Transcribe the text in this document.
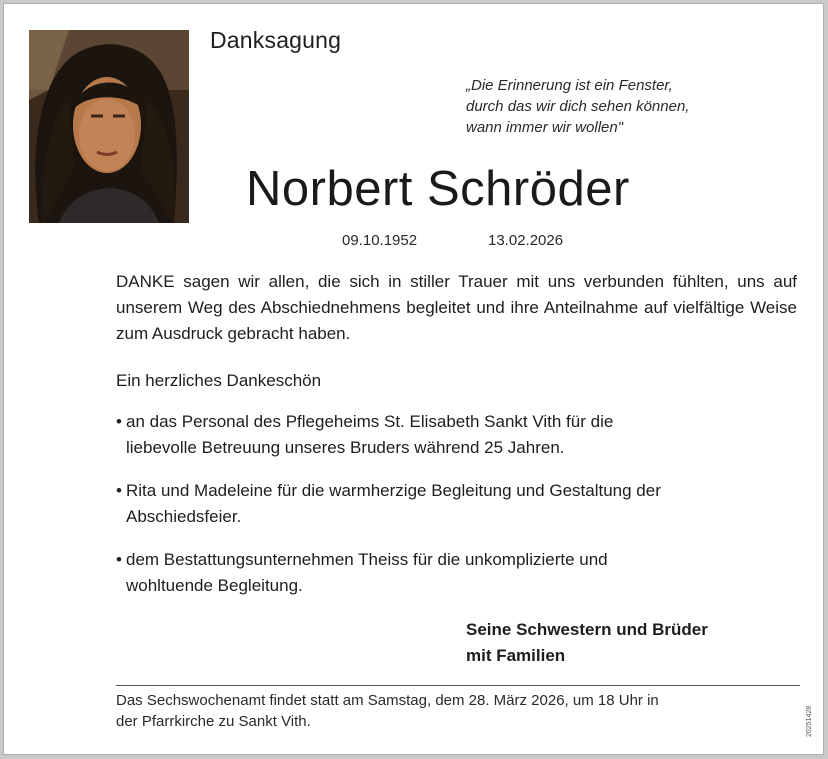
Danksagung
„Die Erinnerung ist ein Fenster,
durch das wir dich sehen können,
wann immer wir wollen"
Norbert Schröder
09.10.1952	13.02.2026
DANKE sagen wir allen, die sich in stiller Trauer mit uns verbunden fühlten, uns auf unserem Weg des Abschiednehmens begleitet und ihre Anteilnahme auf vielfältige Weise zum Ausdruck gebracht haben.
Ein herzliches Dankeschön
• an das Personal des Pflegeheims St. Elisabeth Sankt Vith für die
liebevolle Betreuung unseres Bruders während 25 Jahren.
• Rita und Madeleine für die warmherzige Begleitung und Gestaltung der
Abschiedsfeier.
• dem Bestattungsunternehmen Theiss für die unkomplizierte und
wohltuende Begleitung.
Seine Schwestern und Brüder
mit Familien
Das Sechswochenamt findet statt am Samstag, dem 28. März 2026, um 18 Uhr in
der Pfarrkirche zu Sankt Vith.	20251428
